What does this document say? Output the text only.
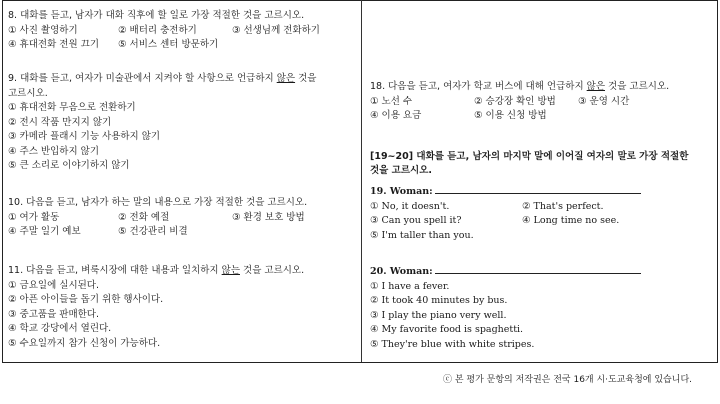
8. 대화를 듣고, 남자가 대화 직후에 할 일로 가장 적절한 것을 고르시오.
① 사진 촬영하기	② 배터리 충전하기	③ 선생님께 전화하기
④ 휴대전화 전원 끄기 ⑤ 서비스 센터 방문하기
9. 대화를 듣고, 여자가 미술관에서 지켜야 할 사항으로 언급하지 않은 것을
고르시오.
① 휴대전화 무음으로 전환하기
② 전시 작품 만지지 않기
③ 카메라 플래시 기능 사용하지 않기
④ 주스 반입하지 않기
⑤ 큰 소리로 이야기하지 않기
10. 다음을 듣고, 남자가 하는 말의 내용으로 가장 적절한 것을 고르시오.
① 여가 활동	② 전화 예절	③ 환경 보호 방법
④ 주말 일기 예보	⑤ 건강관리 비결
11. 다음을 듣고, 벼룩시장에 대한 내용과 일치하지 않는 것을 고르시오.
① 금요일에 실시된다.
② 아픈 아이들을 돕기 위한 행사이다.
③ 중고품을 판매한다.
④ 학교 강당에서 열린다.
⑤ 수요일까지 참가 신청이 가능하다.
18. 다음을 듣고, 여자가 학교 버스에 대해 언급하지 않은 것을 고르시오.
① 노선 수	② 승강장 확인 방법 ③ 운영 시간
④ 이용 요금	⑤ 이용 신청 방법
[19~20] 대화를 듣고, 남자의 마지막 말에 이어질 여자의 말로 가장 적절한
것을 고르시오.
19. Woman:
① No, it doesn't.	② That's perfect.
③ Can you spell it?	④ Long time no see.
⑤ I'm taller than you.
20. Woman:
① I have a fever.
② It took 40 minutes by bus.
③ I play the piano very well.
④ My favorite food is spaghetti.
⑤ They're blue with white stripes.
ⓒ 본 평가 문항의 저작권은 전국 16개 시·도교육청에 있습니다.
